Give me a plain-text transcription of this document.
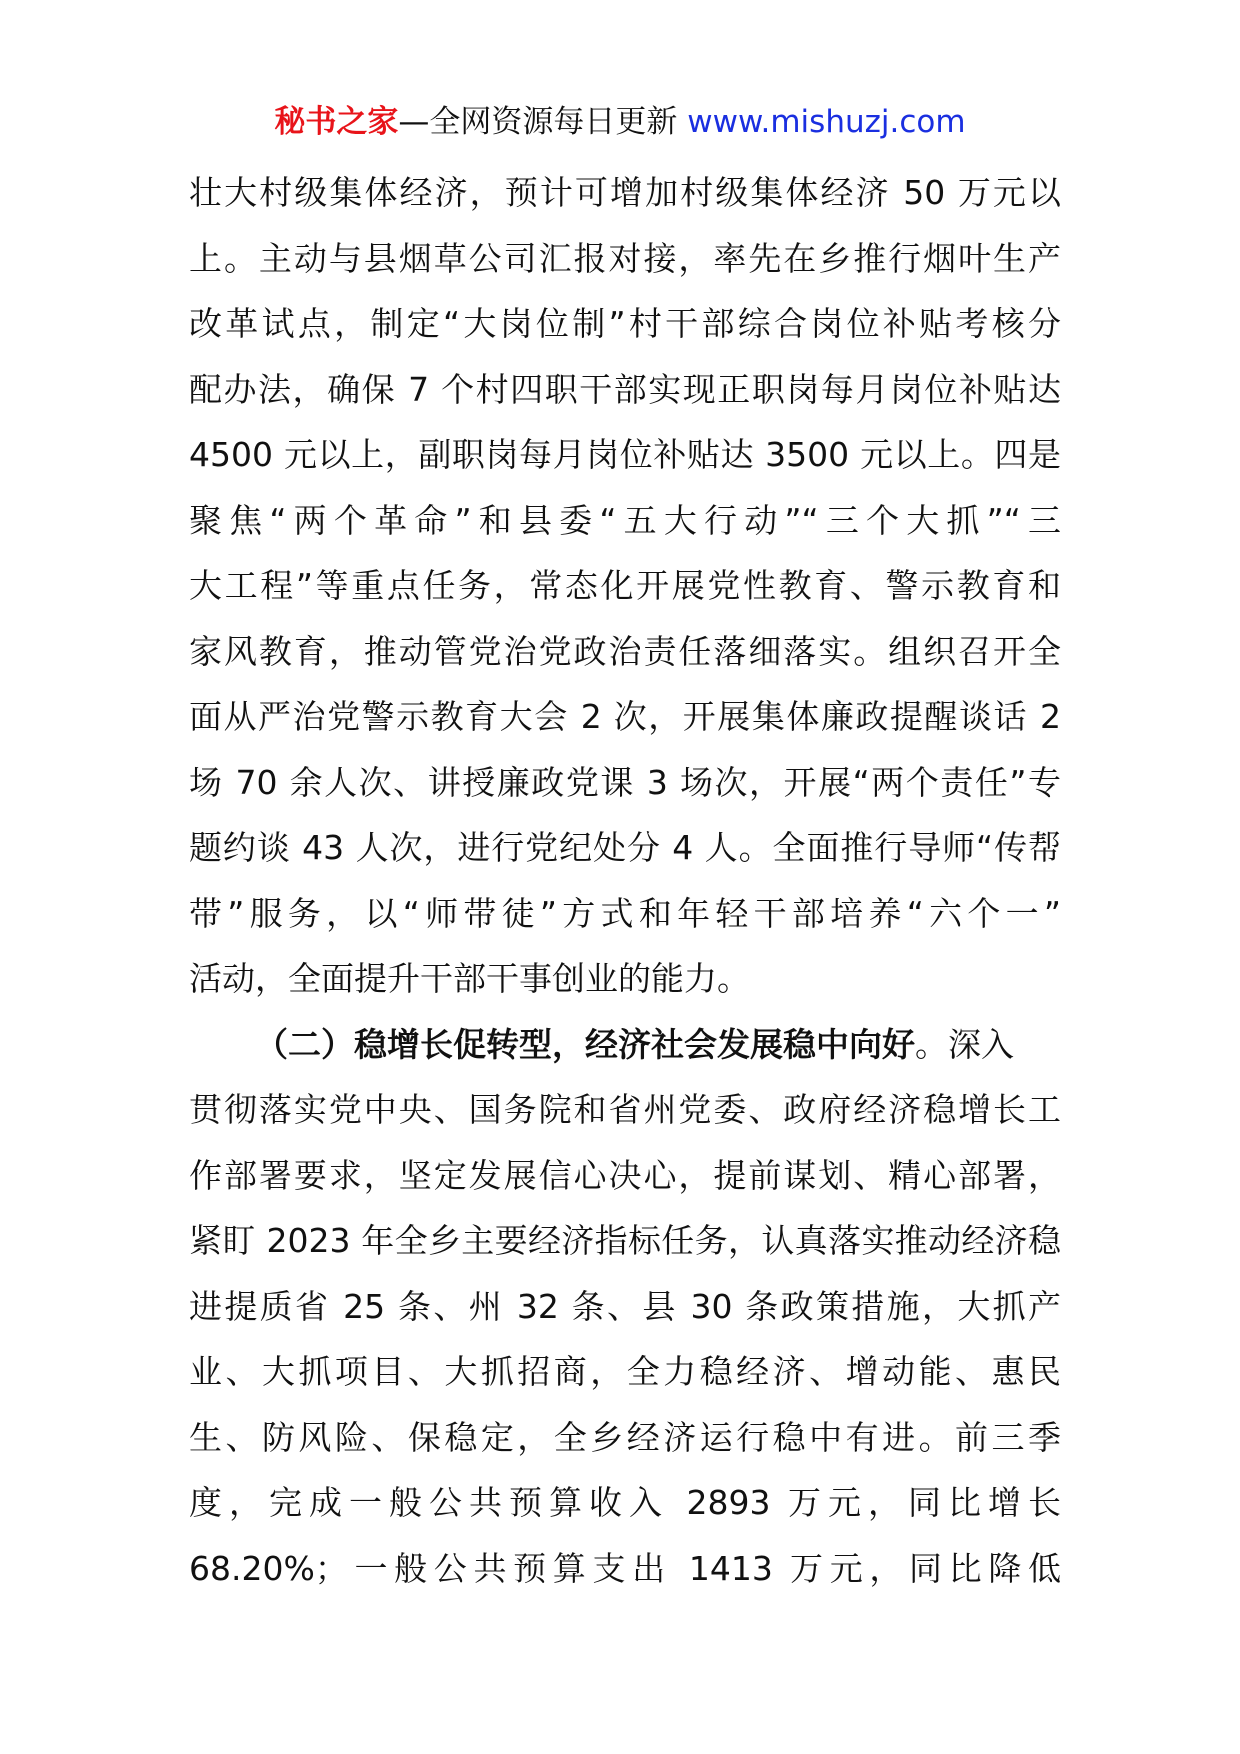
秘书之家—全网资源每日更新 www.mishuzj.com
壮大村级集体经济，预计可增加村级集体经济 50 万元以
上。主动与县烟草公司汇报对接，率先在乡推行烟叶生产
改革试点，制定“大岗位制”村干部综合岗位补贴考核分
配办法，确保 7 个村四职干部实现正职岗每月岗位补贴达
4500 元以上，副职岗每月岗位补贴达 3500 元以上。四是
聚焦“两个革命”和县委“五大行动”“三个大抓”“三
大工程”等重点任务，常态化开展党性教育、警示教育和
家风教育，推动管党治党政治责任落细落实。组织召开全
面从严治党警示教育大会 2 次，开展集体廉政提醒谈话 2
场 70 余人次、讲授廉政党课 3 场次，开展“两个责任”专
题约谈 43 人次，进行党纪处分 4 人。全面推行导师“传帮
带”服务，以“师带徒”方式和年轻干部培养“六个一”
活动，全面提升干部干事创业的能力。
（二）稳增长促转型，经济社会发展稳中向好。深入
贯彻落实党中央、国务院和省州党委、政府经济稳增长工
作部署要求，坚定发展信心决心，提前谋划、精心部署，
紧盯 2023 年全乡主要经济指标任务，认真落实推动经济稳
进提质省 25 条、州 32 条、县 30 条政策措施，大抓产
业、大抓项目、大抓招商，全力稳经济、增动能、惠民
生、防风险、保稳定，全乡经济运行稳中有进。前三季
度，完成一般公共预算收入 2893 万元，同比增长
68.20%；一般公共预算支出 1413 万元，同比降低
